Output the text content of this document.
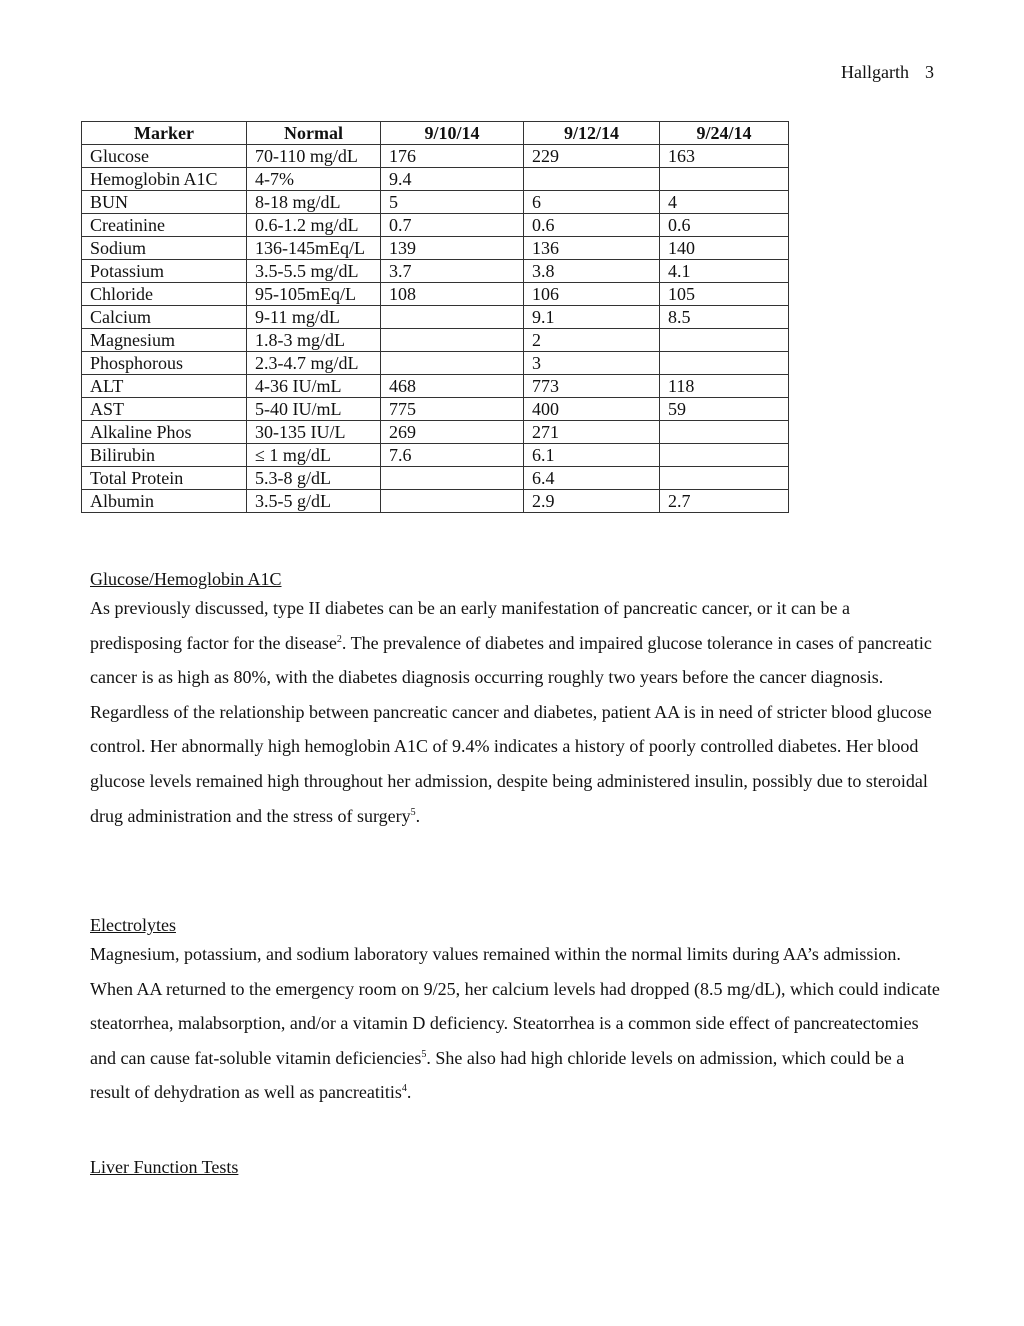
Hallgarth 3
Marker	Normal	9/10/14	9/12/14	9/24/14
Glucose	70-110 mg/dL	176	229	163
Hemoglobin A1C	4-7%	9.4		
BUN	8-18 mg/dL	5	6	4
Creatinine	0.6-1.2 mg/dL	0.7	0.6	0.6
Sodium	136-145mEq/L	139	136	140
Potassium	3.5-5.5 mg/dL	3.7	3.8	4.1
Chloride	95-105mEq/L	108	106	105
Calcium	9-11 mg/dL		9.1	8.5
Magnesium	1.8-3 mg/dL		2	
Phosphorous	2.3-4.7 mg/dL		3	
ALT	4-36 IU/mL	468	773	118
AST	5-40 IU/mL	775	400	59
Alkaline Phos	30-135 IU/L	269	271	
Bilirubin	≤ 1 mg/dL	7.6	6.1	
Total Protein	5.3-8 g/dL		6.4	
Albumin	3.5-5 g/dL		2.9	2.7
Glucose/Hemoglobin A1C

As previously discussed, type II diabetes can be an early manifestation of pancreatic cancer, or it can be a predisposing factor for the disease$^2$. The prevalence of diabetes and impaired glucose tolerance in cases of pancreatic cancer is as high as 80%, with the diabetes diagnosis occurring roughly two years before the cancer diagnosis. Regardless of the relationship between pancreatic cancer and diabetes, patient AA is in need of stricter blood glucose control. Her abnormally high hemoglobin A1C of 9.4% indicates a history of poorly controlled diabetes. Her blood glucose levels remained high throughout her admission, despite being administered insulin, possibly due to steroidal drug administration and the stress of surgery$^5$.

Electrolytes

Magnesium, potassium, and sodium laboratory values remained within the normal limits during AA’s admission. When AA returned to the emergency room on 9/25, her calcium levels had dropped (8.5 mg/dL), which could indicate steatorrhea, malabsorption, and/or a vitamin D deficiency. Steatorrhea is a common side effect of pancreatectomies and can cause fat-soluble vitamin deficiencies$^5$. She also had high chloride levels on admission, which could be a result of dehydration as well as pancreatitis$^4$.

Liver Function Tests
